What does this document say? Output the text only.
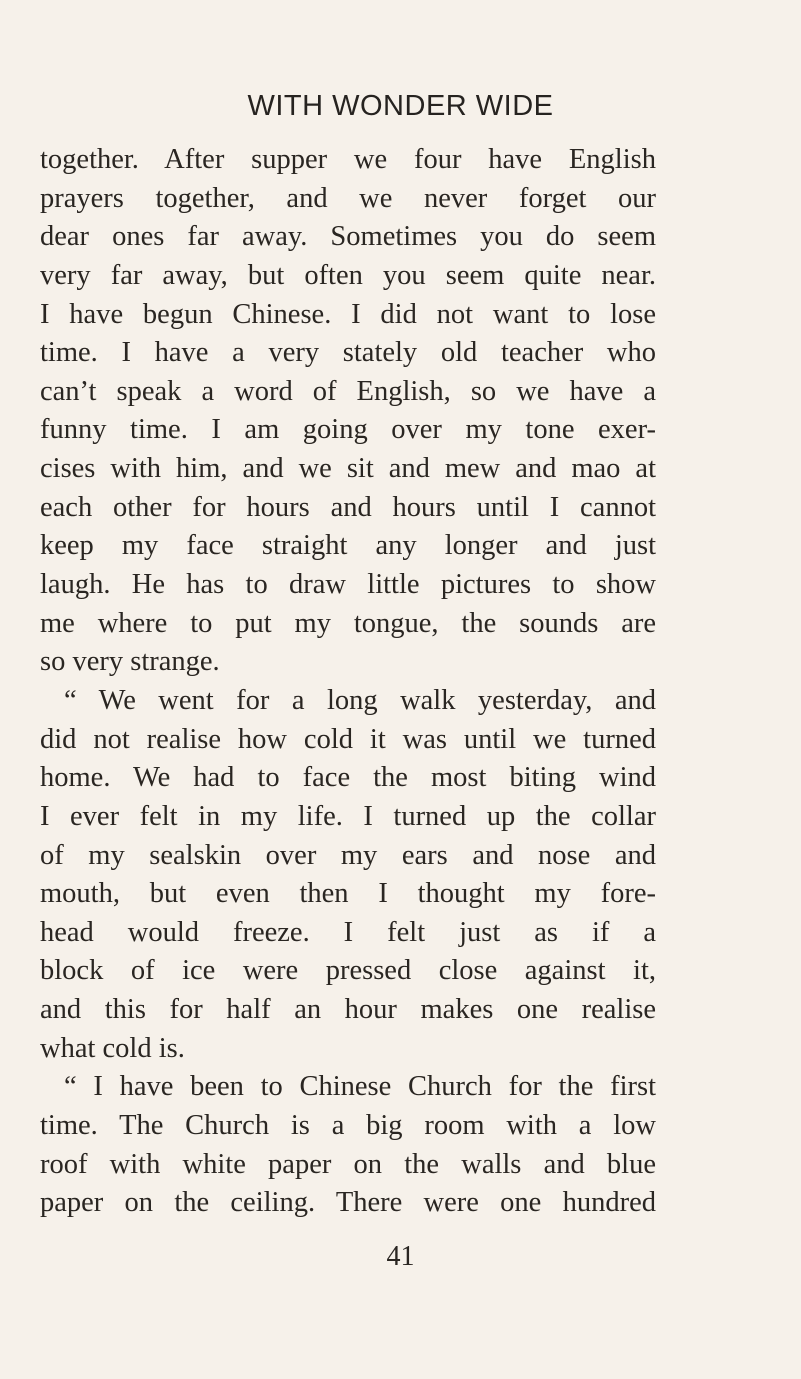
WITH WONDER WIDE
together. After supper we four have English
prayers together, and we never forget our
dear ones far away. Sometimes you do seem
very far away, but often you seem quite near.
I have begun Chinese. I did not want to lose
time. I have a very stately old teacher who
can’t speak a word of English, so we have a
funny time. I am going over my tone exer-
cises with him, and we sit and mew and mao at
each other for hours and hours until I cannot
keep my face straight any longer and just
laugh. He has to draw little pictures to show
me where to put my tongue, the sounds are
so very strange.
“ We went for a long walk yesterday, and
did not realise how cold it was until we turned
home. We had to face the most biting wind
I ever felt in my life. I turned up the collar
of my sealskin over my ears and nose and
mouth, but even then I thought my fore-
head would freeze. I felt just as if a
block of ice were pressed close against it,
and this for half an hour makes one realise
what cold is.
“ I have been to Chinese Church for the first
time. The Church is a big room with a low
roof with white paper on the walls and blue
paper on the ceiling. There were one hundred
41
